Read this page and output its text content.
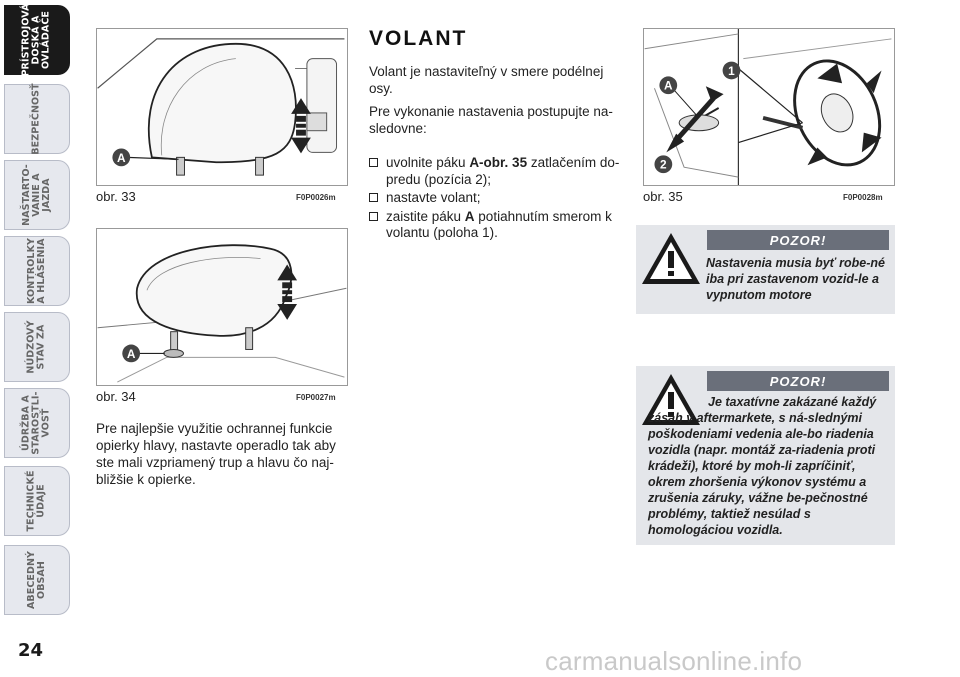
PRÍSTROJOVÁ
DOSKA A
OVLÁDAČE
BEZPEČNOSŤ
NAŠTARTO-
VANIE A
JAZDA
KONTROLKY
A HLÁSENIA
NÚDZOVÝ
STAV ZA
ÚDRŽBA A
STAROSTLI-
VOSŤ
TECHNICKÉ
ÚDAJE
ABECEDNÝ
OBSAH
24
A
obr. 33	F0P0026m
A
obr. 34	F0P0027m
Pre najlepšie využitie ochrannej funkcie opierky hlavy, nastavte operadlo tak aby ste mali vzpriamený trup a hlavu čo naj-bližšie k opierke.
VOLANT
Volant je nastaviteľný v smere podélnej osy.
Pre vykonanie nastavenia postupujte na-sledovne:
uvolnite páku A-obr. 35 zatlačením do-predu (pozícia 2);
nastavte volant;
zaistite páku A potiahnutím smerom k volantu (poloha 1).
A
1
2
obr. 35	F0P0028m
POZOR!
Nastavenia musia byť robe-né iba pri zastavenom vozid-le a vypnutom motore
POZOR!
Je taxatívne zakázané každý zásah v aftermarkete, s ná-slednými poškodeniami vedenia ale-bo riadenia vozidla (napr. montáž za-riadenia proti krádeži), ktoré by moh-li zapríčiniť, okrem zhoršenia výkonov systému a zrušenia záruky, vážne be-pečnostné problémy, taktiež nesúlad s homologáciou vozidla.
carmanualsonline.info
